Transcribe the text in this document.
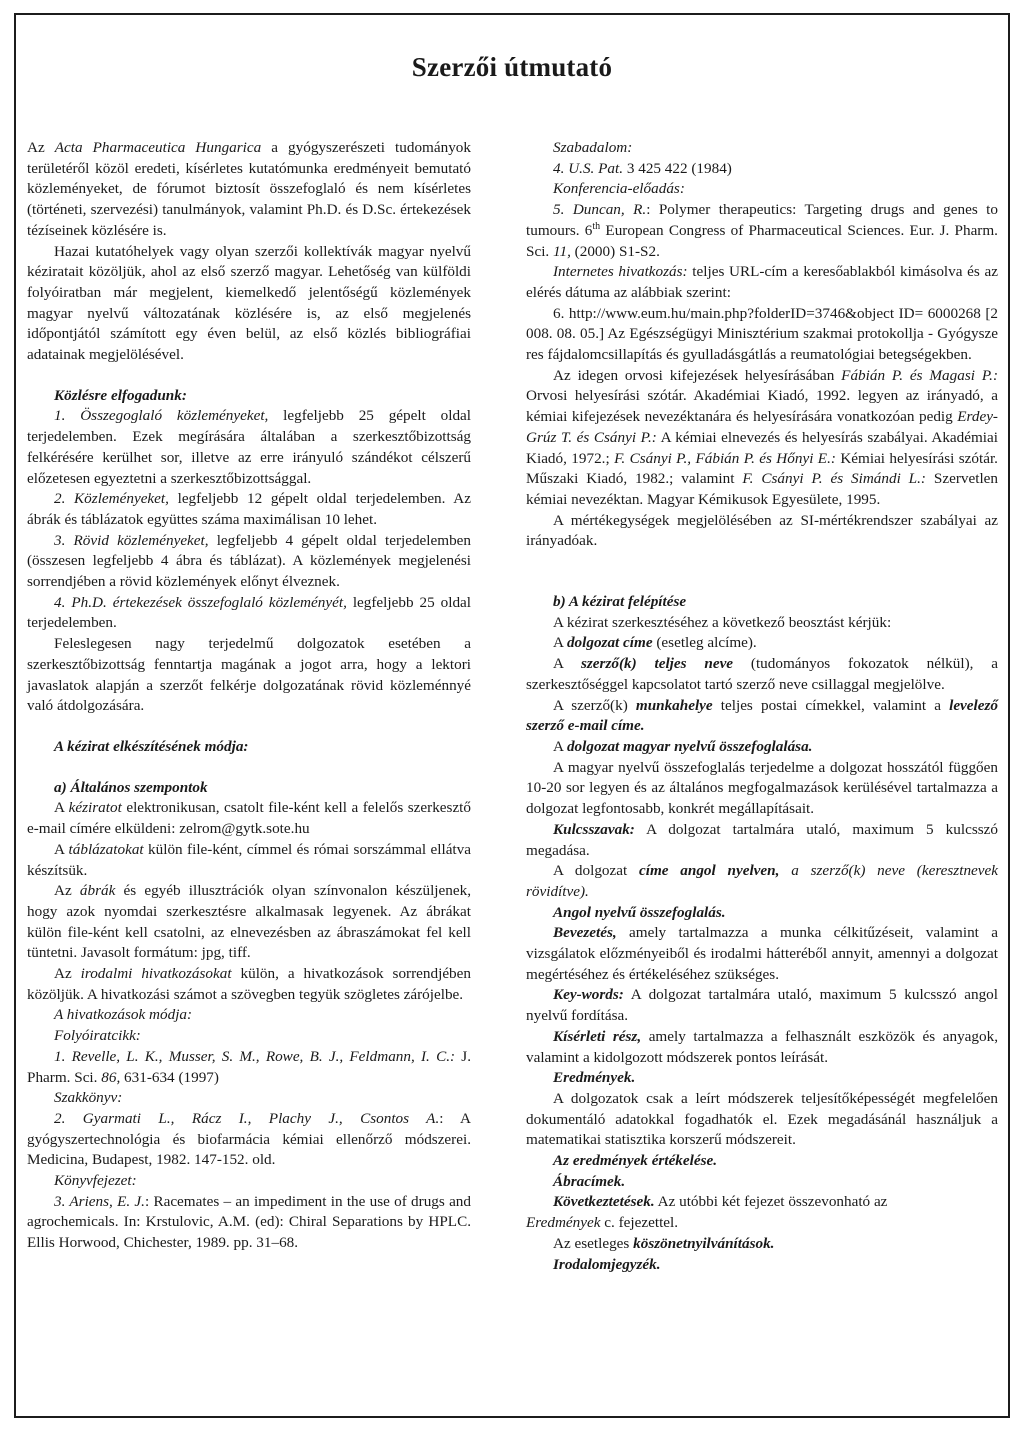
Szerzői útmutató

Az Acta Pharmaceutica Hungarica a gyógyszerészeti tudományok területéről közöl eredeti, kísérletes kutatómunka eredményeit bemutató közleményeket, de fórumot biztosít összefoglaló és nem kísérletes (történeti, szervezési) tanulmányok, valamint Ph.D. és D.Sc. értekezések tézíseinek közlésére is.

Hazai kutatóhelyek vagy olyan szerzői kollektívák magyar nyelvű kéziratait közöljük, ahol az első szerző magyar. Lehetőség van külföldi folyóiratban már megjelent, kiemelkedő jelentőségű közlemények magyar nyelvű változatának közlésére is, az első megjelenés időpontjától számított egy éven belül, az első közlés bibliográfiai adatainak megjelölésével.

Közlésre elfogadunk:

1. Összegoglaló közleményeket, legfeljebb 25 gépelt oldal terjedelemben. Ezek megírására általában a szerkesztőbizottság felkérésére kerülhet sor, illetve az erre irányuló szándékot célszerű előzetesen egyeztetni a szerkesztőbizottsággal.

2. Közleményeket, legfeljebb 12 gépelt oldal terjedelemben. Az ábrák és táblázatok együttes száma maximálisan 10 lehet.

3. Rövid közleményeket, legfeljebb 4 gépelt oldal terjedelemben (összesen legfeljebb 4 ábra és táblázat). A közlemények megjelenési sorrendjében a rövid közlemények előnyt élveznek.

4. Ph.D. értekezések összefoglaló közleményét, legfeljebb 25 oldal terjedelemben.

Feleslegesen nagy terjedelmű dolgozatok esetében a szerkesztőbizottság fenntartja magának a jogot arra, hogy a lektori javaslatok alapján a szerzőt felkérje dolgozatának rövid közleménnyé való átdolgozására.

A kézirat elkészítésének módja:

a) Általános szempontok

A kéziratot elektronikusan, csatolt file-ként kell a felelős szerkesztő e-mail címére elküldeni: zelrom@gytk.sote.hu

A táblázatokat külön file-ként, címmel és római sorszámmal ellátva készítsük.

Az ábrák és egyéb illusztrációk olyan színvonalon készüljenek, hogy azok nyomdai szerkesztésre alkalmasak legyenek. Az ábrákat külön file-ként kell csatolni, az elnevezésben az ábraszámokat fel kell tüntetni. Javasolt formátum: jpg, tiff.

Az irodalmi hivatkozásokat külön, a hivatkozások sorrendjében közöljük. A hivatkozási számot a szövegben tegyük szögletes zárójelbe.

A hivatkozások módja:

Folyóiratcikk:

1. Revelle, L. K., Musser, S. M., Rowe, B. J., Feldmann, I. C.: J. Pharm. Sci. 86, 631-634 (1997)

Szakkönyv:

2. Gyarmati L., Rácz I., Plachy J., Csontos A.: A gyógyszertechnológia és biofarmácia kémiai ellenőrző módszerei. Medicina, Budapest, 1982. 147-152. old.

Könyvfejezet:

3. Ariens, E. J.: Racemates – an impediment in the use of drugs and agrochemicals. In: Krstulovic, A.M. (ed): Chiral Separations by HPLC. Ellis Horwood, Chichester, 1989. pp. 31–68.

Szabadalom:

4. U.S. Pat. 3 425 422 (1984)

Konferencia-előadás:

5. Duncan, R.: Polymer therapeutics: Targeting drugs and genes to tumours. 6th European Congress of Pharmaceutical Sciences. Eur. J. Pharm. Sci. 11, (2000) S1-S2.

Internetes hivatkozás: teljes URL-cím a keresőablakból kimásolva és az elérés dátuma az alábbiak szerint:

6. http://www.eum.hu/main.php?folderID=3746&object ID= 6000268 [2008. 08. 05.] Az Egészségügyi Minisztérium szakmai protokollja - Gyógyszeres fájdalomcsillapítás és gyulladásgátlás a reumatológiai betegségekben.

Az idegen orvosi kifejezések helyesírásában Fábián P. és Magasi P.: Orvosi helyesírási szótár. Akadémiai Kiadó, 1992. legyen az irányadó, a kémiai kifejezések nevezéktanára és helyesírására vonatkozóan pedig Erdey-Grúz T. és Csányi P.: A kémiai elnevezés és helyesírás szabályai. Akadémiai Kiadó, 1972.; F. Csányi P., Fábián P. és Hőnyi E.: Kémiai helyesírási szótár. Műszaki Kiadó, 1982.; valamint F. Csányi P. és Simándi L.: Szervetlen kémiai nevezéktan. Magyar Kémikusok Egyesülete, 1995.

A mértékegységek megjelölésében az SI-mértékrendszer szabályai az irányadóak.

b) A kézirat felépítése

A kézirat szerkesztéséhez a következő beosztást kérjük:

A dolgozat címe (esetleg alcíme).

A szerző(k) teljes neve (tudományos fokozatok nélkül), a szerkesztőséggel kapcsolatot tartó szerző neve csillaggal megjelölve.

A szerző(k) munkahelye teljes postai címekkel, valamint a levelező szerző e-mail címe.

A dolgozat magyar nyelvű összefoglalása.

A magyar nyelvű összefoglalás terjedelme a dolgozat hosszától függően 10-20 sor legyen és az általános megfogalmazások kerülésével tartalmazza a dolgozat legfontosabb, konkrét megállapításait.

Kulcsszavak: A dolgozat tartalmára utaló, maximum 5 kulcsszó megadása.

A dolgozat címe angol nyelven, a szerző(k) neve (keresztnevek rövidítve).

Angol nyelvű összefoglalás.

Bevezetés, amely tartalmazza a munka célkitűzéseit, valamint a vizsgálatok előzményeiből és irodalmi hátteréből annyit, amennyi a dolgozat megértéséhez és értékeléséhez szükséges.

Key-words: A dolgozat tartalmára utaló, maximum 5 kulcsszó angol nyelvű fordítása.

Kísérleti rész, amely tartalmazza a felhasznált eszközök és anyagok, valamint a kidolgozott módszerek pontos leírását.

Eredmények.

A dolgozatok csak a leírt módszerek teljesítőképességét megfelelően dokumentáló adatokkal fogadhatók el. Ezek megadásánál használjuk a matematikai statisztika korszerű módszereit.

Az eredmények értékelése.

Ábracímek.

Következtetések. Az utóbbi két fejezet összevonható az

Eredmények c. fejezettel.

Az esetleges köszönetnyilvánítások.

Irodalomjegyzék.
